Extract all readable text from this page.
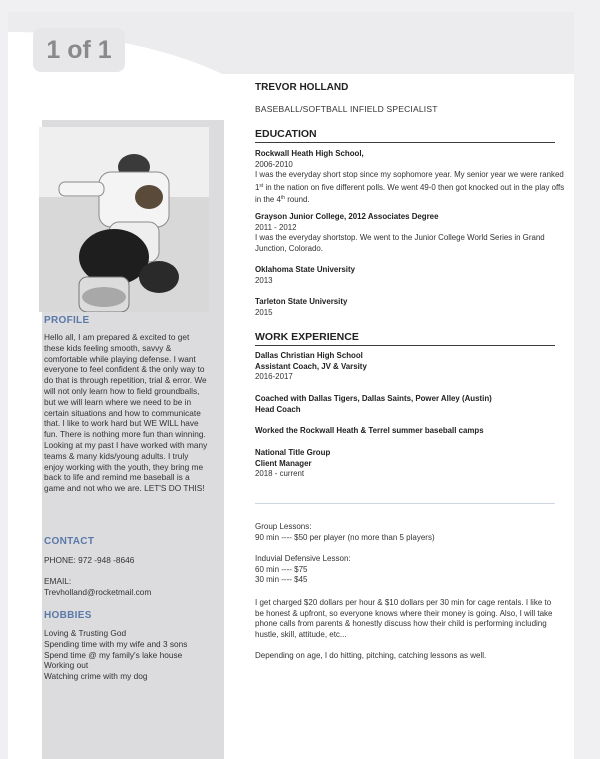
1 of 1
PROFILE
Hello all, I am prepared & excited to get these kids feeling smooth, savvy & comfortable while playing defense. I want everyone to feel confident & the only way to do that is through repetition, trial & error. We will not only learn how to field groundballs, but we will learn where we need to be in certain situations and how to communicate that. I like to work hard but WE WILL have fun. There is nothing more fun than winning. Looking at my past I have worked with many teams & many kids/young adults. I truly enjoy working with the youth, they bring me back to life and remind me baseball is a game and not who we are. LET'S DO THIS!
CONTACT
PHONE: 972 -948 -8646
EMAIL:
Trevholland@rocketmail.com
HOBBIES
Loving & Trusting God
Spending time with my wife and 3 sons
Spend time @ my family's lake house
Working out
Watching crime with my dog
TREVOR HOLLAND
BASEBALL/SOFTBALL INFIELD SPECIALIST
EDUCATION
Rockwall Heath High School,
2006-2010
I was the everyday short stop since my sophomore year. My senior year we were ranked 1st in the nation on five different polls. We went 49-0 then got knocked out in the play offs in the 4th round.
Grayson Junior College, 2012 Associates Degree
2011 - 2012
I was the everyday shortstop. We went to the Junior College World Series in Grand Junction, Colorado.
Oklahoma State University
2013
Tarleton State University
2015
WORK EXPERIENCE
Dallas Christian High School
Assistant Coach, JV & Varsity
2016-2017
Coached with Dallas Tigers, Dallas Saints, Power Alley (Austin)
Head Coach
Worked the Rockwall Heath & Terrel summer baseball camps
National Title Group
Client Manager
2018 - current
Group Lessons:
90 min ---- $50 per player (no more than 5 players)
Induvial Defensive Lesson:
60 min ---- $75
30 min ---- $45
I get charged $20 dollars per hour & $10 dollars per 30 min for cage rentals. I like to be honest & upfront, so everyone knows where their money is going. Also, I will take phone calls from parents & honestly discuss how their child is performing including hustle, skill, attitude, etc...
Depending on age, I do hitting, pitching, catching lessons as well.
